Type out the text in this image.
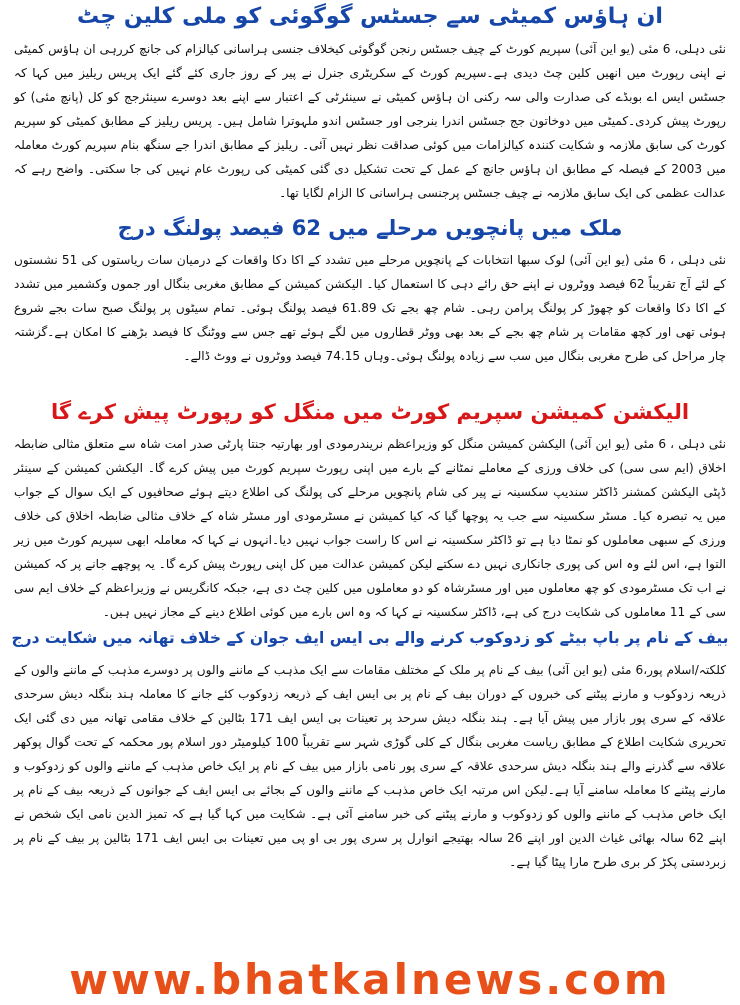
ان ہاؤس کمیٹی سے جسٹس گوگوئی کو ملی کلین چٹ

نئی دہلی، 6 مئی (یو این آئی) سپریم کورٹ کے چیف جسٹس رنجن گوگوئی کیخلاف جنسی ہراسانی کیالزام کی جانچ کررہی ان ہاؤس کمیٹی نے اپنی رپورٹ میں انھیں کلین چٹ دیدی ہے۔سپریم کورٹ کے سکریٹری جنرل نے پیر کے روز جاری کئے گئے ایک پریس ریلیز میں کہا کہ جسٹس ایس اے بوبڈے کی صدارت والی سہ رکنی ان ہاؤس کمیٹی نے سینئرٹی کے اعتبار سے اپنے بعد دوسرے سینئرجج کو کل (پانچ مئی) کو رپورٹ پیش کردی۔کمیٹی میں دوخاتون جج جسٹس اندرا بنرجی اور جسٹس اندو ملہوترا شامل ہیں۔ پریس ریلیز کے مطابق کمیٹی کو سپریم کورٹ کی سابق ملازمہ و شکایت کنندہ کیالزامات میں کوئی صداقت نظر نہیں آئی۔ ریلیز کے مطابق اندرا جے سنگھ بنام سپریم کورٹ معاملہ میں 2003 کے فیصلہ کے مطابق ان ہاؤس جانچ کے عمل کے تحت تشکیل دی گئی کمیٹی کی رپورٹ عام نہیں کی جا سکتی۔ واضح رہے کہ عدالت عظمی کی ایک سابق ملازمہ نے چیف جسٹس پرجنسی ہراسانی کا الزام لگایا تھا۔

ملک میں پانچویں مرحلے میں 62 فیصد پولنگ درج

نئی دہلی ، 6 مئی (یو این آئی) لوک سبھا انتخابات کے پانچویں مرحلے میں تشدد کے اکا دکا واقعات کے درمیان سات ریاستوں کی 51 نشستوں کے لئے آج تقریباً 62 فیصد ووٹروں نے اپنے حق رائے دہی کا استعمال کیا۔ الیکشن کمیشن کے مطابق مغربی بنگال اور جموں وکشمیر میں تشدد کے اکا دکا واقعات کو چھوڑ کر پولنگ پرامن رہی۔ شام چھ بجے تک 61.89 فیصد پولنگ ہوئی۔ تمام سیٹوں پر پولنگ صبح سات بجے شروع ہوئی تھی اور کچھ مقامات پر شام چھ بجے کے بعد بھی ووٹر قطاروں میں لگے ہوئے تھے جس سے ووٹنگ کا فیصد بڑھنے کا امکان ہے۔گزشتہ چار مراحل کی طرح مغربی بنگال میں سب سے زیادہ پولنگ ہوئی۔وہاں 74.15 فیصد ووٹروں نے ووٹ ڈالے۔

الیکشن کمیشن سپریم کورٹ میں منگل کو رپورٹ پیش کرے گا

نئی دہلی ، 6 مئی (یو این آئی) الیکشن کمیشن منگل کو وزیراعظم نریندرمودی اور بھارتیہ جنتا پارٹی صدر امت شاہ سے متعلق مثالی ضابطہ اخلاق (ایم سی سی) کی خلاف ورزی کے معاملے نمٹانے کے بارے میں اپنی رپورٹ سپریم کورٹ میں پیش کرے گا۔ الیکشن کمیشن کے سینئر ڈپٹی الیکشن کمشنر ڈاکٹر سندیپ سکسینہ نے پیر کی شام پانچویں مرحلے کی پولنگ کی اطلاع دیتے ہوئے صحافیوں کے ایک سوال کے جواب میں یہ تبصرہ کیا۔ مسٹر سکسینہ سے جب یہ پوچھا گیا کہ کیا کمیشن نے مسٹرمودی اور مسٹر شاہ کے خلاف مثالی ضابطہ اخلاق کی خلاف ورزی کے سبھی معاملوں کو نمٹا دیا ہے تو ڈاکٹر سکسینہ نے اس کا راست جواب نہیں دیا۔انہوں نے کہا کہ معاملہ ابھی سپریم کورٹ میں زیر التوا ہے، اس لئے وہ اس کی پوری جانکاری نہیں دے سکتے لیکن کمیشن عدالت میں کل اپنی رپورٹ پیش کرے گا۔ یہ پوچھے جانے پر کہ کمیشن نے اب تک مسٹرمودی کو چھ معاملوں میں اور مسٹرشاہ کو دو معاملوں میں کلین چٹ دی ہے، جبکہ کانگریس نے وزیراعظم کے خلاف ایم سی سی کے 11 معاملوں کی شکایت درج کی ہے، ڈاکٹر سکسینہ نے کہا کہ وہ اس بارے میں کوئی اطلاع دینے کے مجاز نہیں ہیں۔

بیف کے نام پر باپ بیٹے کو زدوکوب کرنے والے بی ایس ایف جوان کے خلاف تھانہ میں شکایت درج

کلکتہ/اسلام پور،6 مئی (یو این آئی) بیف کے نام پر ملک کے مختلف مقامات سے ایک مذہب کے ماننے والوں پر دوسرے مذہب کے ماننے والوں کے ذریعہ زدوکوب و مارنے پیٹنے کی خبروں کے دوران بیف کے نام پر بی ایس ایف کے ذریعہ زدوکوب کئے جانے کا معاملہ ہند بنگلہ دیش سرحدی علاقہ کے سری پور بازار میں پیش آیا ہے۔ ہند بنگلہ دیش سرحد پر تعینات بی ایس ایف 171 بٹالین کے خلاف مقامی تھانہ میں دی گئی ایک تحریری شکایت اطلاع کے مطابق ریاست مغربی بنگال کے کلی گوڑی شہر سے تقریباً 100 کیلومیٹر دور اسلام پور محکمہ کے تحت گوال پوکھر علاقہ سے گذرنے والے ہند بنگلہ دیش سرحدی علاقہ کے سری پور نامی بازار میں بیف کے نام پر ایک خاص مذہب کے ماننے والوں کو زدوکوب و مارنے پیٹنے کا معاملہ سامنے آیا ہے۔لیکن اس مرتبہ ایک خاص مذہب کے ماننے والوں کے بجائے بی ایس ایف کے جوانوں کے ذریعہ بیف کے نام پر ایک خاص مذہب کے ماننے والوں کو زدوکوب و مارنے پیٹنے کی خبر سامنے آئی ہے۔ شکایت میں کہا گیا ہے کہ تمیز الدین نامی ایک شخص نے اپنے 62 سالہ بھائی غیاث الدین اور اپنے 26 سالہ بھتیجے انوارل پر سری پور بی او پی میں تعینات بی ایس ایف 171 بٹالین پر بیف کے نام پر زبردستی پکڑ کر بری طرح مارا پیٹا گیا ہے۔

www.bhatkalnews.com
